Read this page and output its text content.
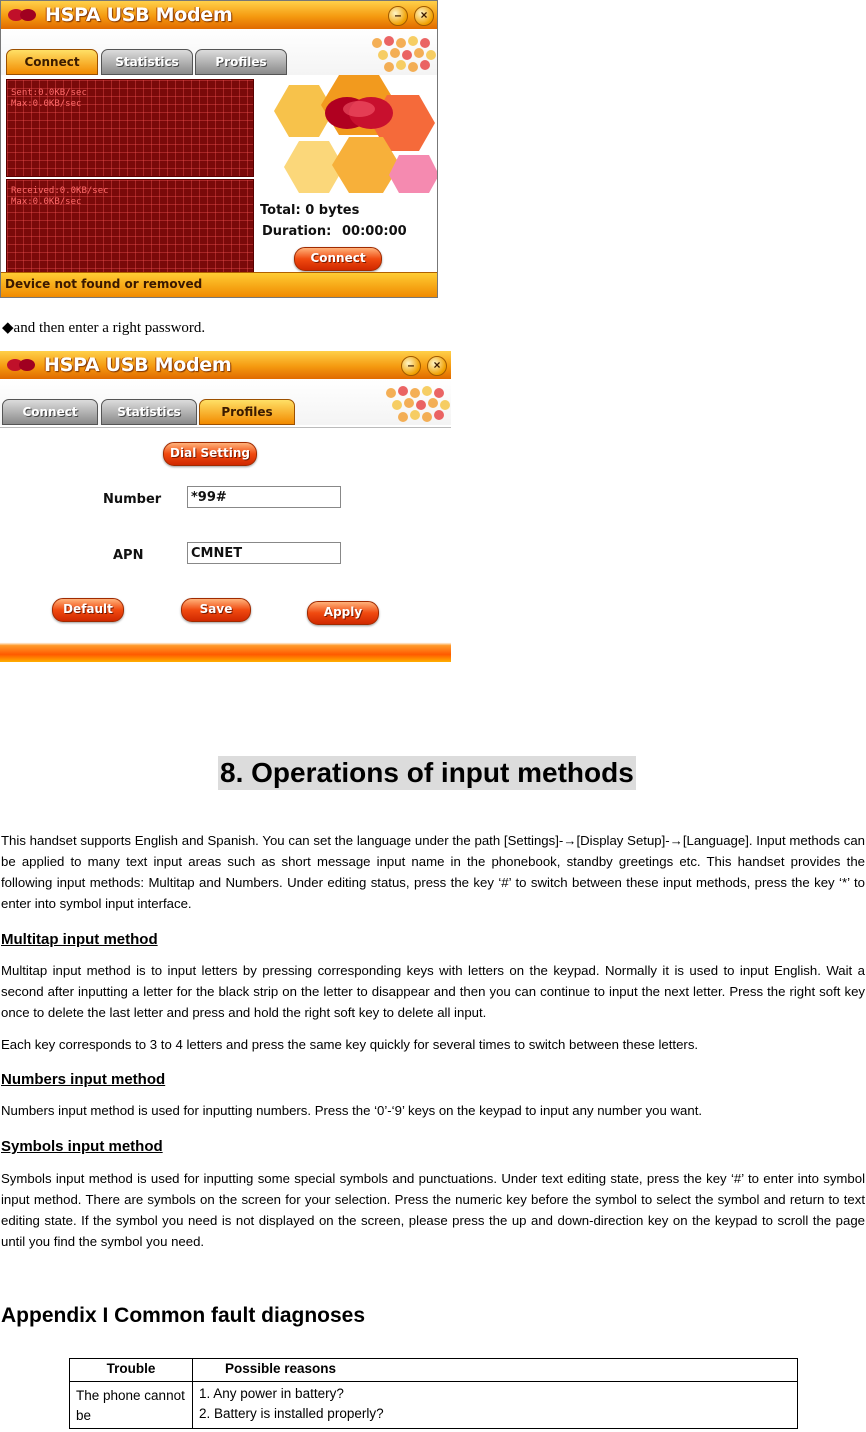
HSPA USB Modem	–	×
Connect	Statistics	Profiles
Sent:0.0KB/sec
Max:0.0KB/sec
Received:0.0KB/sec
Max:0.0KB/sec
Total: 0 bytes
Duration: 00:00:00
Connect
Device not found or removed
◆and then enter a right password.
HSPA USB Modem	–	×
Connect	Statistics	Profiles
Dial Setting
Number	*99#
APN	CMNET
Default	Save	Apply
8. Operations of input methods
This handset supports English and Spanish. You can set the language under the path [Settings]-→[Display Setup]-→[Language]. Input methods can be applied to many text input areas such as short message input name in the phonebook, standby greetings etc. This handset provides the following input methods: Multitap and Numbers. Under editing status, press the key ‘#’ to switch between these input methods, press the key ‘*’ to enter into symbol input interface.
Multitap input method
Multitap input method is to input letters by pressing corresponding keys with letters on the keypad. Normally it is used to input English. Wait a second after inputting a letter for the black strip on the letter to disappear and then you can continue to input the next letter. Press the right soft key once to delete the last letter and press and hold the right soft key to delete all input.
Each key corresponds to 3 to 4 letters and press the same key quickly for several times to switch between these letters.
Numbers input method
Numbers input method is used for inputting numbers. Press the ‘0’-‘9’ keys on the keypad to input any number you want.
Symbols input method
Symbols input method is used for inputting some special symbols and punctuations. Under text editing state, press the key ‘#’ to enter into symbol input method. There are symbols on the screen for your selection. Press the numeric key before the symbol to select the symbol and return to text editing state. If the symbol you need is not displayed on the screen, please press the up and down-direction key on the keypad to scroll the page until you find the symbol you need.
Appendix I Common fault diagnoses
Trouble	Possible reasons
The phone cannot be	1. Any power in battery?
2. Battery is installed properly?
